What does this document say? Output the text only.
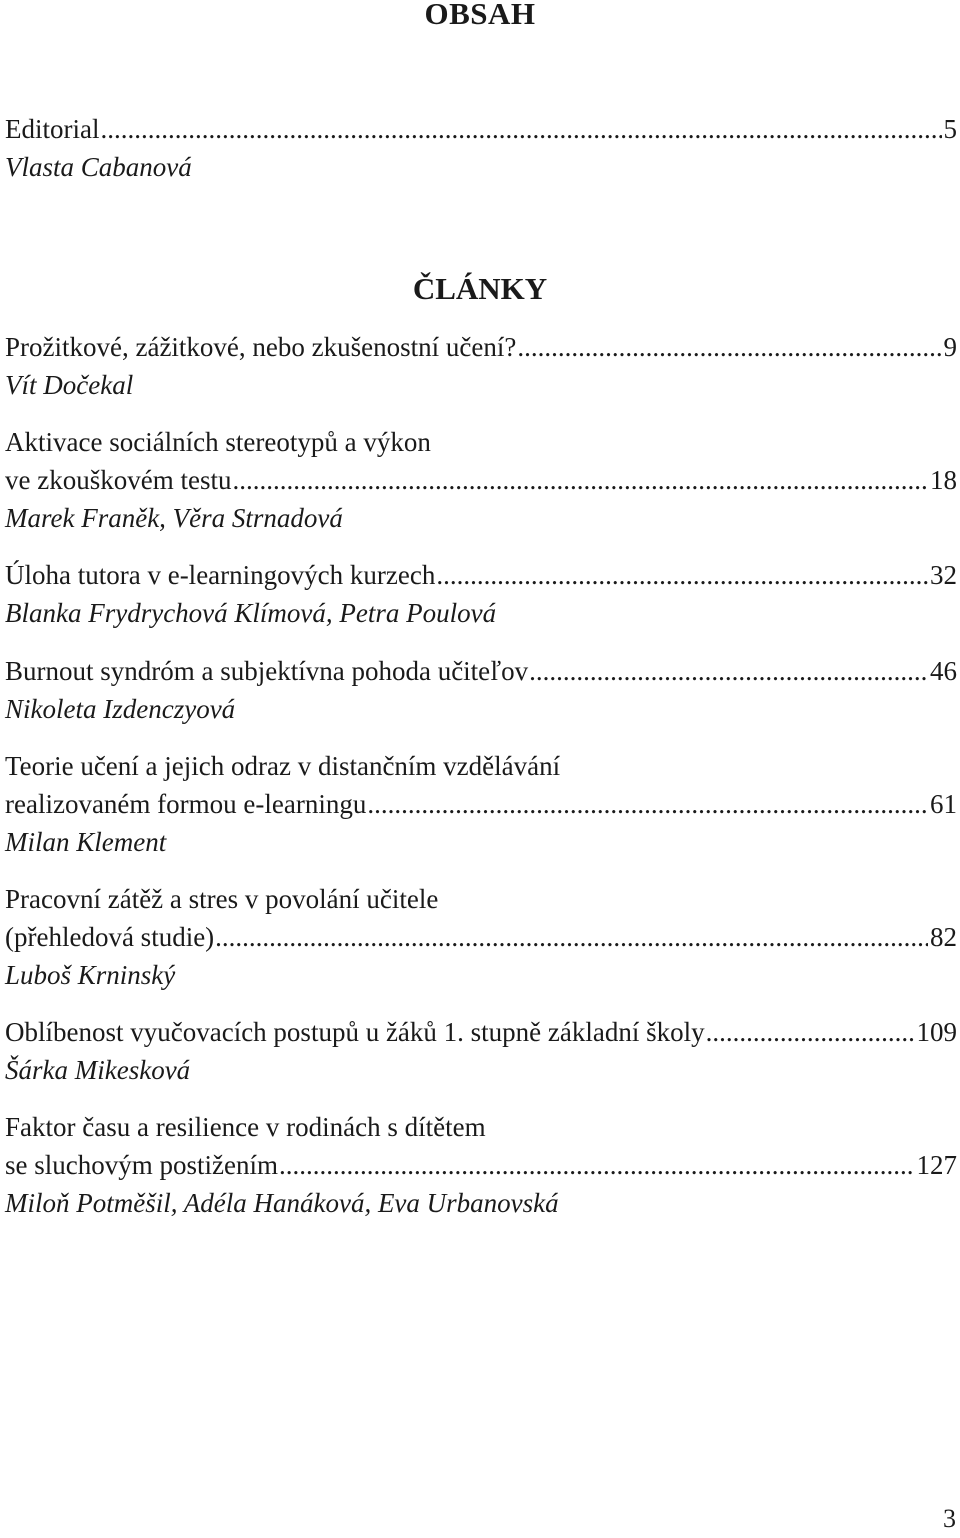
OBSAH
Editorial .....	5
Vlasta Cabanová
Prožitkové, zážitkové, nebo zkušenostní učení? .....	9
Vít Dočekal
Aktivace sociálních stereotypů a výkon
ve zkouškovém testu .....	18
Marek Franěk, Věra Strnadová
Úloha tutora v e-learningových kurzech .....	32
Blanka Frydrychová Klímová, Petra Poulová
Burnout syndróm a subjektívna pohoda učiteľov .....	46
Nikoleta Izdenczyová
Teorie učení a jejich odraz v distančním vzdělávání
realizovaném formou e-learningu .....	61
Milan Klement
Pracovní zátěž a stres v povolání učitele
(přehledová studie) .....	82
Luboš Krninský
Oblíbenost vyučovacích postupů u žáků 1. stupně základní školy .....	109
Šárka Mikesková
Faktor času a resilience v rodinách s dítětem
se sluchovým postižením .....	127
Miloň Potměšil, Adéla Hanáková, Eva Urbanovská
ČLÁNKY
3
